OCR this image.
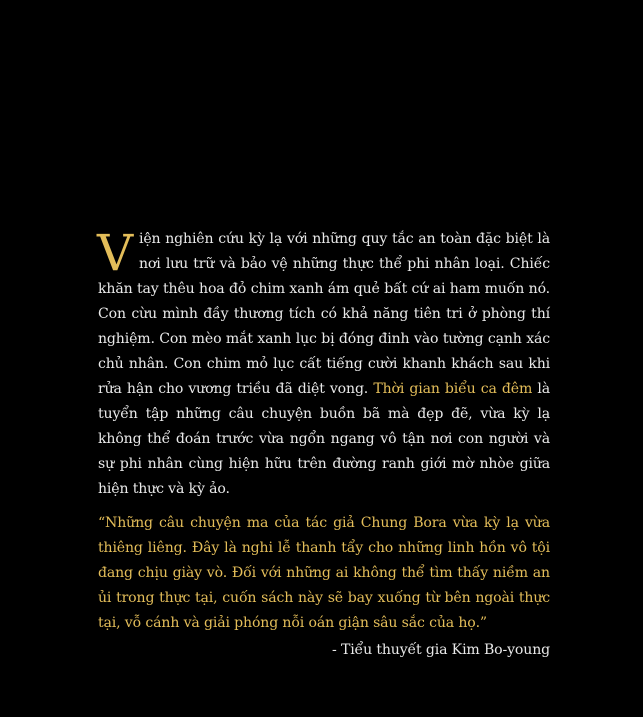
Viện nghiên cứu kỳ lạ với những quy tắc an toàn đặc biệt là nơi lưu trữ và bảo vệ những thực thể phi nhân loại. Chiếc khăn tay thêu hoa đỏ chim xanh ám quẻ bất cứ ai ham muốn nó. Con cừu mình đầy thương tích có khả năng tiên tri ở phòng thí nghiệm. Con mèo mắt xanh lục bị đóng đinh vào tường cạnh xác chủ nhân. Con chim mỏ lục cất tiếng cười khanh khách sau khi rửa hận cho vương triều đã diệt vong. Thời gian biểu ca đêm là tuyển tập những câu chuyện buồn bã mà đẹp đẽ, vừa kỳ lạ không thể đoán trước vừa ngổn ngang vô tận nơi con người và sự phi nhân cùng hiện hữu trên đường ranh giới mờ nhòe giữa hiện thực và kỳ ảo.

“Những câu chuyện ma của tác giả Chung Bora vừa kỳ lạ vừa thiêng liêng. Đây là nghi lễ thanh tẩy cho những linh hồn vô tội đang chịu giày vò. Đối với những ai không thể tìm thấy niềm an ủi trong thực tại, cuốn sách này sẽ bay xuống từ bên ngoài thực tại, vỗ cánh và giải phóng nỗi oán giận sâu sắc của họ.”

- Tiểu thuyết gia Kim Bo-young
